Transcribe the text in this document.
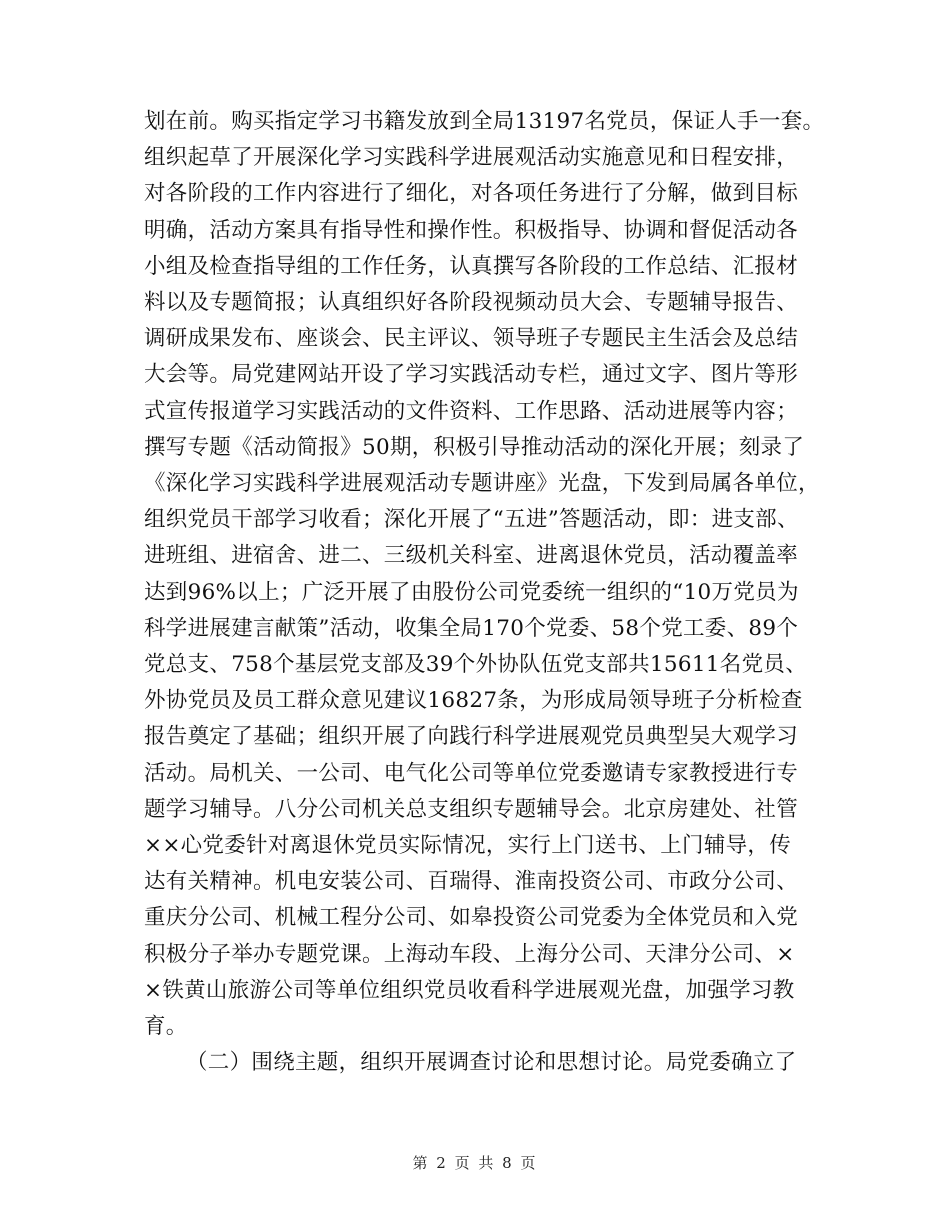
划在前。购买指定学习书籍发放到全局13197名党员，保证人手一套。
组织起草了开展深化学习实践科学进展观活动实施意见和日程安排，
对各阶段的工作内容进行了细化，对各项任务进行了分解，做到目标
明确，活动方案具有指导性和操作性。积极指导、协调和督促活动各
小组及检查指导组的工作任务，认真撰写各阶段的工作总结、汇报材
料以及专题简报；认真组织好各阶段视频动员大会、专题辅导报告、
调研成果发布、座谈会、民主评议、领导班子专题民主生活会及总结
大会等。局党建网站开设了学习实践活动专栏，通过文字、图片等形
式宣传报道学习实践活动的文件资料、工作思路、活动进展等内容；
撰写专题《活动简报》50期，积极引导推动活动的深化开展；刻录了
《深化学习实践科学进展观活动专题讲座》光盘，下发到局属各单位，
组织党员干部学习收看；深化开展了“五进”答题活动，即：进支部、
进班组、进宿舍、进二、三级机关科室、进离退休党员，活动覆盖率
达到96%以上；广泛开展了由股份公司党委统一组织的“10万党员为
科学进展建言献策”活动，收集全局170个党委、58个党工委、89个
党总支、758个基层党支部及39个外协队伍党支部共15611名党员、
外协党员及员工群众意见建议16827条，为形成局领导班子分析检查
报告奠定了基础；组织开展了向践行科学进展观党员典型吴大观学习
活动。局机关、一公司、电气化公司等单位党委邀请专家教授进行专
题学习辅导。八分公司机关总支组织专题辅导会。北京房建处、社管
××心党委针对离退休党员实际情况，实行上门送书、上门辅导，传
达有关精神。机电安装公司、百瑞得、淮南投资公司、市政分公司、
重庆分公司、机械工程分公司、如皋投资公司党委为全体党员和入党
积极分子举办专题党课。上海动车段、上海分公司、天津分公司、×
×铁黄山旅游公司等单位组织党员收看科学进展观光盘，加强学习教
育。
（二）围绕主题，组织开展调查讨论和思想讨论。局党委确立了
第 2 页 共 8 页
